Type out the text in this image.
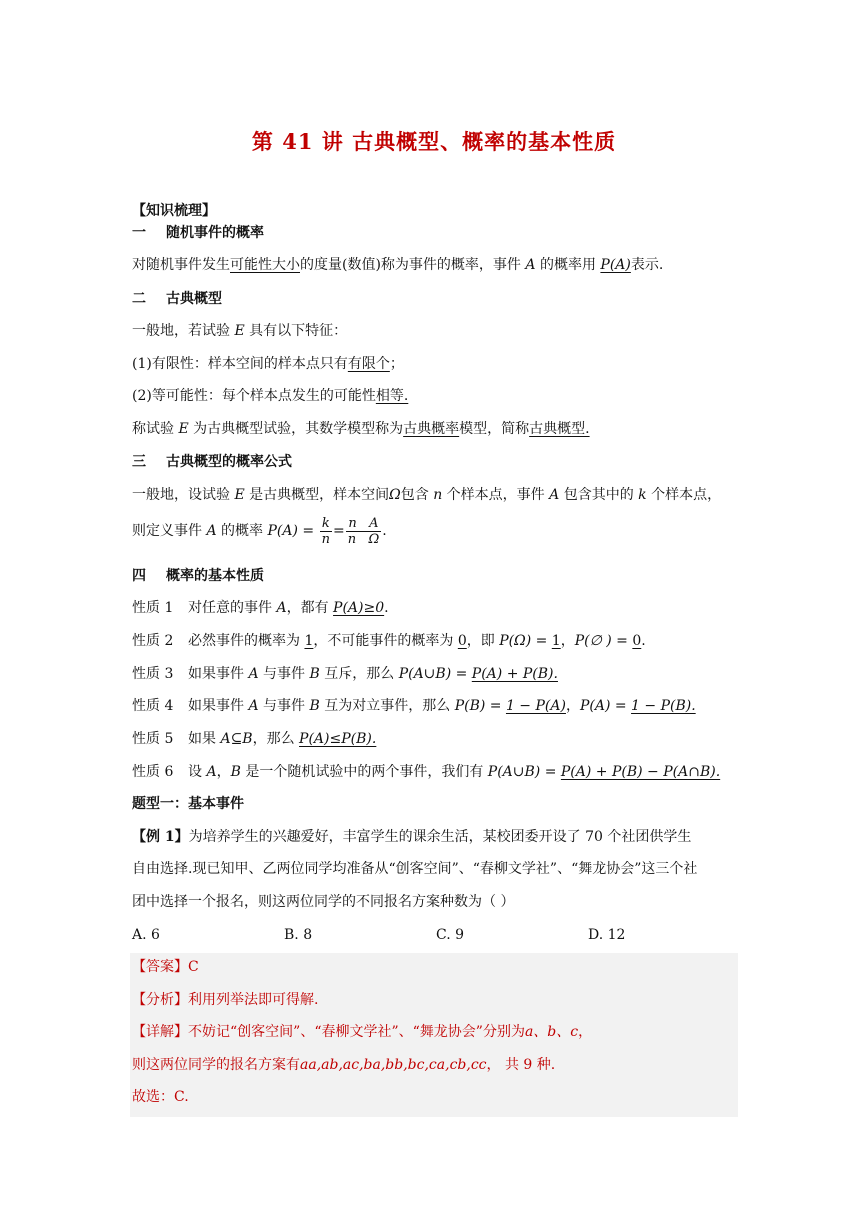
第 41 讲 古典概型、概率的基本性质
【知识梳理】
一 随机事件的概率
对随机事件发生可能性大小的度量(数值)称为事件的概率，事件 A 的概率用 P(A)表示.
二 古典概型
一般地，若试验 E 具有以下特征：
(1)有限性：样本空间的样本点只有有限个；
(2)等可能性：每个样本点发生的可能性相等.
称试验 E 为古典概型试验，其数学模型称为古典概率模型，简称古典概型.
三 古典概型的概率公式
一般地，设试验 E 是古典概型，样本空间Ω包含 n 个样本点，事件 A 包含其中的 k 个样本点，
则定义事件 A 的概率 $P(A) = \frac{k}{n} = \frac{\text{n A}}{\text{n Ω}}$ .
四 概率的基本性质
性质 1 对任意的事件 A，都有 P(A)≥0.
性质 2 必然事件的概率为 1，不可能事件的概率为 0，即 P(Ω) = 1，P(∅ ) = 0.
性质 3 如果事件 A 与事件 B 互斥，那么 P(A∪B) = P(A) + P(B).
性质 4 如果事件 A 与事件 B 互为对立事件，那么 P(B) = 1 − P(A)，P(A) = 1 − P(B).
性质 5 如果 A⊆B，那么 P(A)≤P(B).
性质 6 设 A，B 是一个随机试验中的两个事件，我们有 P(A∪B) = P(A) + P(B) − P(A∩B).
题型一：基本事件
【例 1】为培养学生的兴趣爱好，丰富学生的课余生活，某校团委开设了 70 个社团供学生
自由选择.现已知甲、乙两位同学均准备从“创客空间”、“春柳文学社”、“舞龙协会”这三个社
团中选择一个报名，则这两位同学的不同报名方案种数为（ ）
A. 6	B. 8	C. 9	D. 12
【答案】C
【分析】利用列举法即可得解.
【详解】不妨记“创客空间”、“春柳文学社”、“舞龙协会”分别为a、b、c，
则这两位同学的报名方案有aa,ab,ac,ba,bb,bc,ca,cb,cc， 共 9 种.
故选：C.
